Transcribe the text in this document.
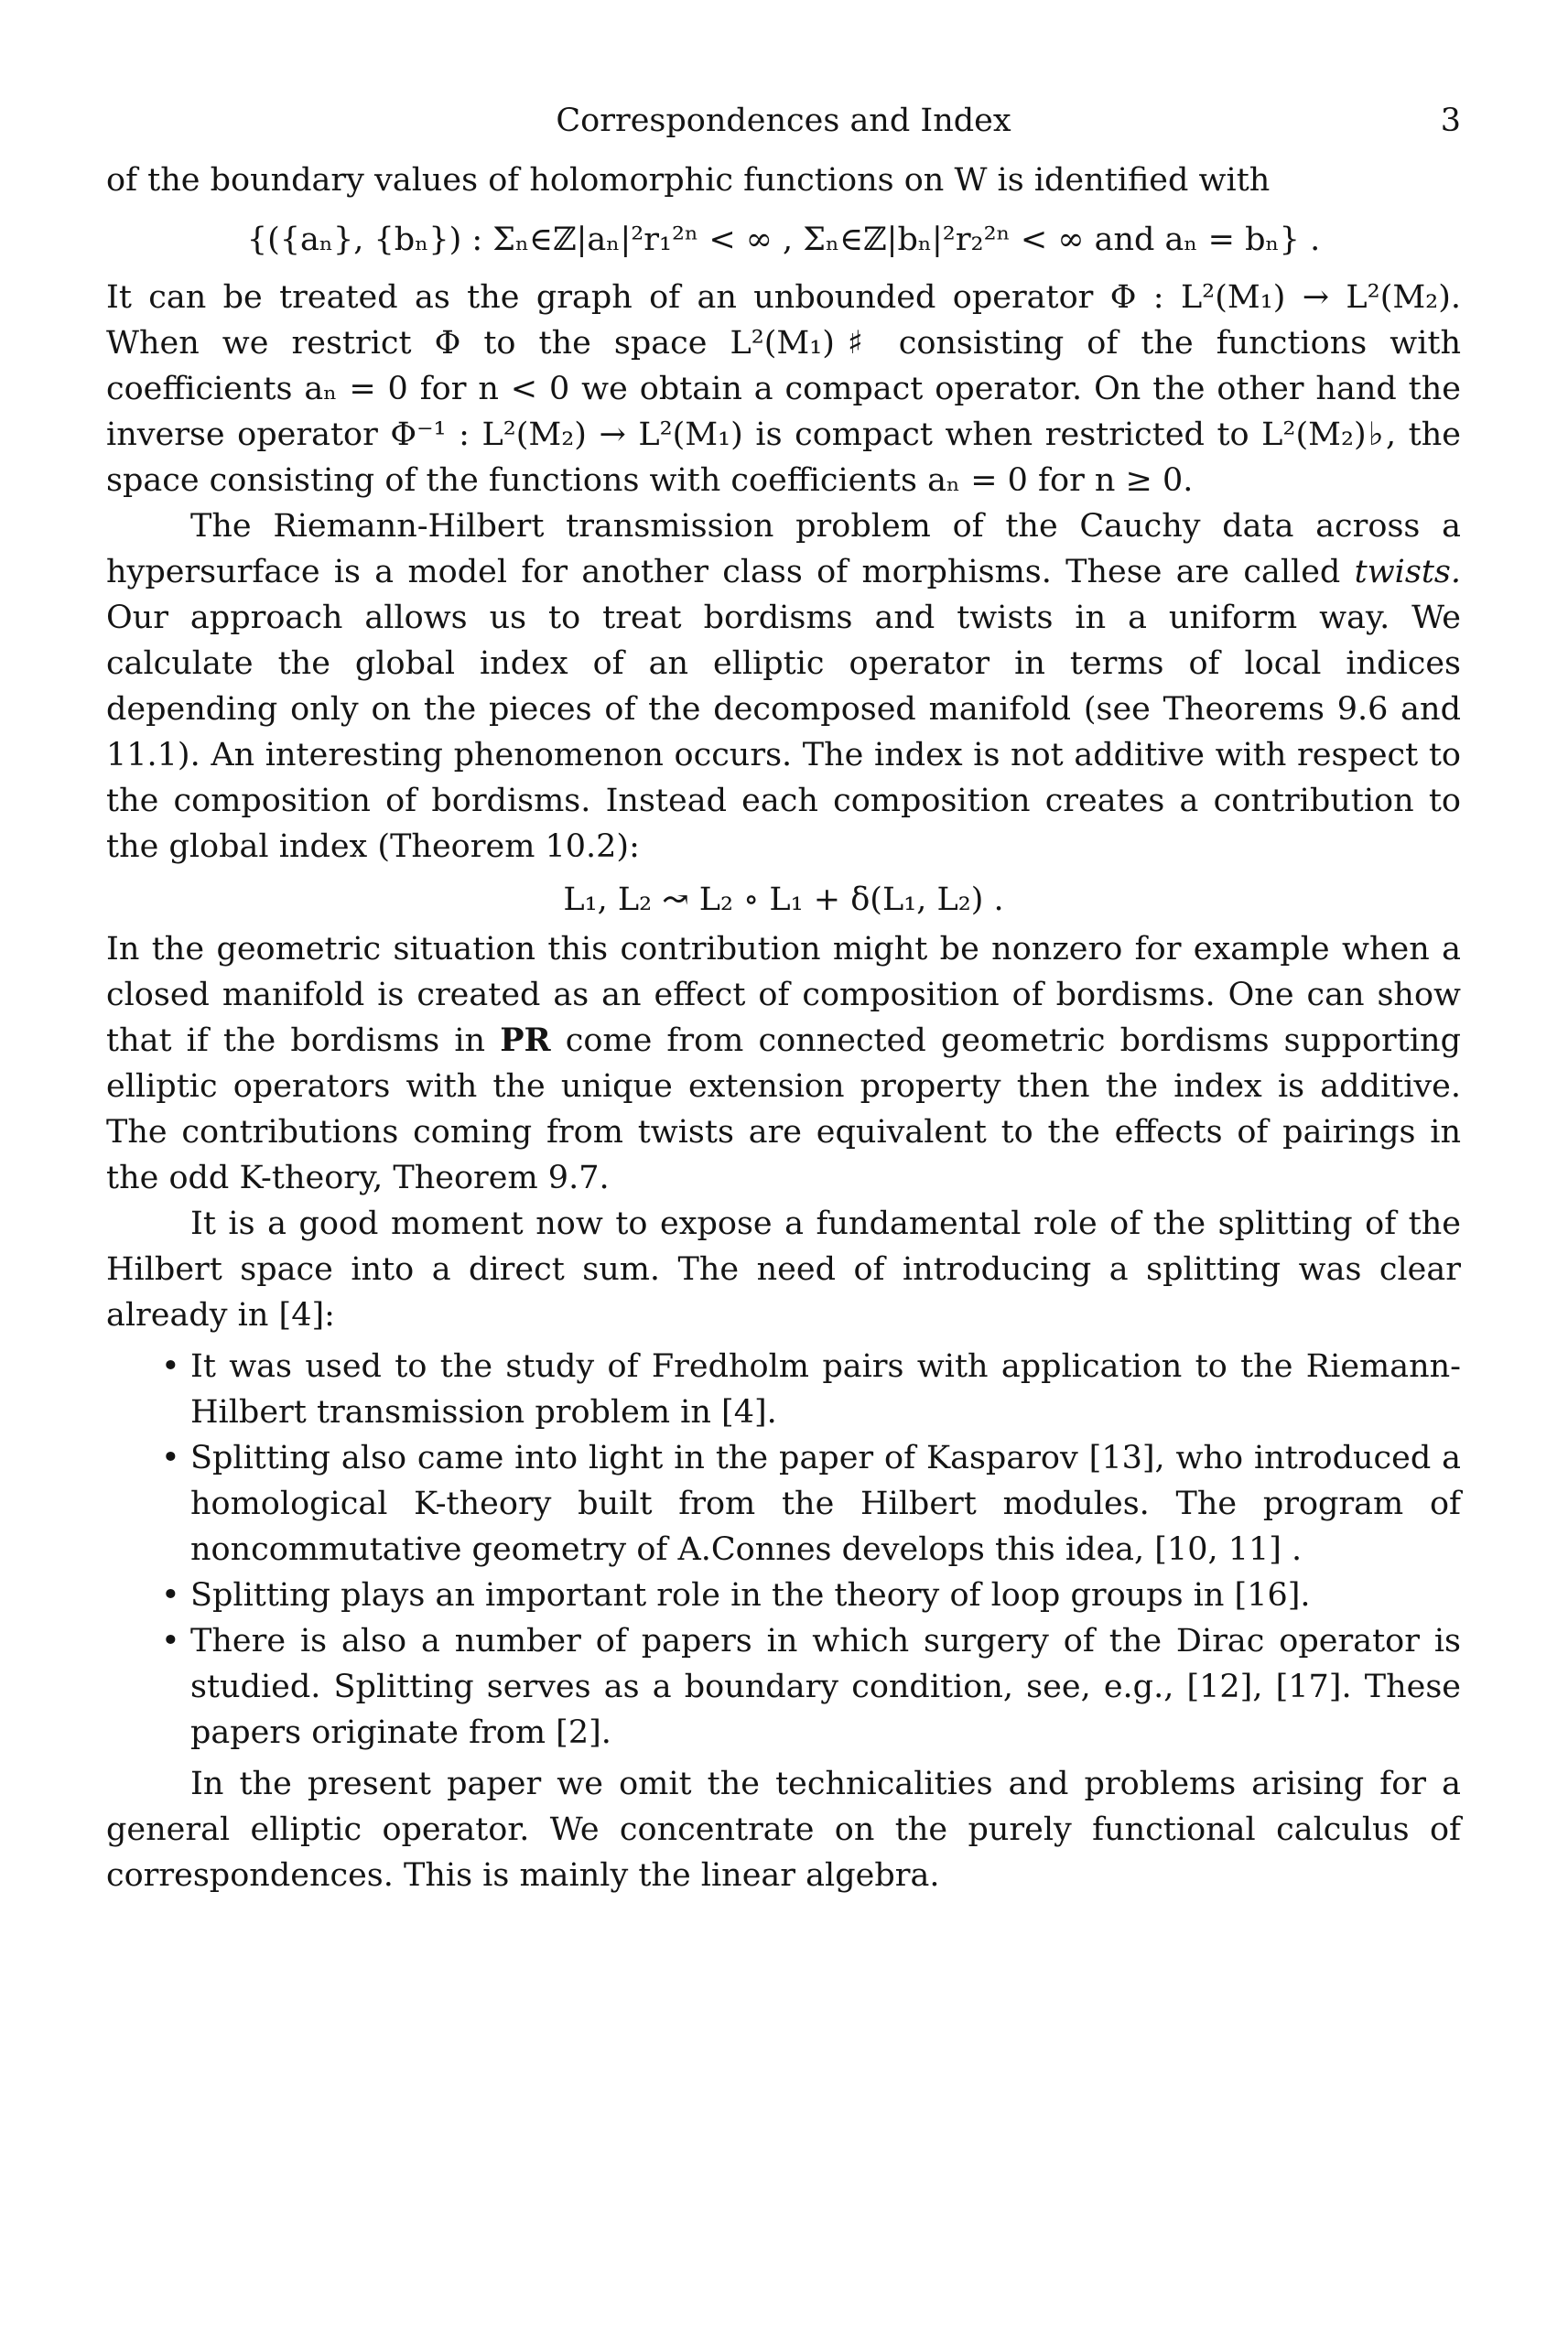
Correspondences and Index	3

of the boundary values of holomorphic functions on W is identified with

{({aₙ}, {bₙ}) : Σₙ∈ℤ|aₙ|²r₁²ⁿ < ∞ , Σₙ∈ℤ|bₙ|²r₂²ⁿ < ∞ and aₙ = bₙ} .

It can be treated as the graph of an unbounded operator Φ : L²(M₁) → L²(M₂). When we restrict Φ to the space L²(M₁)♯ consisting of the functions with coefficients aₙ = 0 for n < 0 we obtain a compact operator. On the other hand the inverse operator Φ⁻¹ : L²(M₂) → L²(M₁) is compact when restricted to L²(M₂)♭, the space consisting of the functions with coefficients aₙ = 0 for n ≥ 0.

The Riemann-Hilbert transmission problem of the Cauchy data across a hypersurface is a model for another class of morphisms. These are called twists. Our approach allows us to treat bordisms and twists in a uniform way. We calculate the global index of an elliptic operator in terms of local indices depending only on the pieces of the decomposed manifold (see Theorems 9.6 and 11.1). An interesting phenomenon occurs. The index is not additive with respect to the composition of bordisms. Instead each composition creates a contribution to the global index (Theorem 10.2):

L₁, L₂ ↝ L₂ ∘ L₁ + δ(L₁, L₂) .

In the geometric situation this contribution might be nonzero for example when a closed manifold is created as an effect of composition of bordisms. One can show that if the bordisms in PR come from connected geometric bordisms supporting elliptic operators with the unique extension property then the index is additive. The contributions coming from twists are equivalent to the effects of pairings in the odd K-theory, Theorem 9.7.

It is a good moment now to expose a fundamental role of the splitting of the Hilbert space into a direct sum. The need of introducing a splitting was clear already in [4]:

• It was used to the study of Fredholm pairs with application to the Riemann-Hilbert transmission problem in [4].
• Splitting also came into light in the paper of Kasparov [13], who introduced a homological K-theory built from the Hilbert modules. The program of noncommutative geometry of A.Connes develops this idea, [10, 11] .
• Splitting plays an important role in the theory of loop groups in [16].
• There is also a number of papers in which surgery of the Dirac operator is studied. Splitting serves as a boundary condition, see, e.g., [12], [17]. These papers originate from [2].

In the present paper we omit the technicalities and problems arising for a general elliptic operator. We concentrate on the purely functional calculus of correspondences. This is mainly the linear algebra.
